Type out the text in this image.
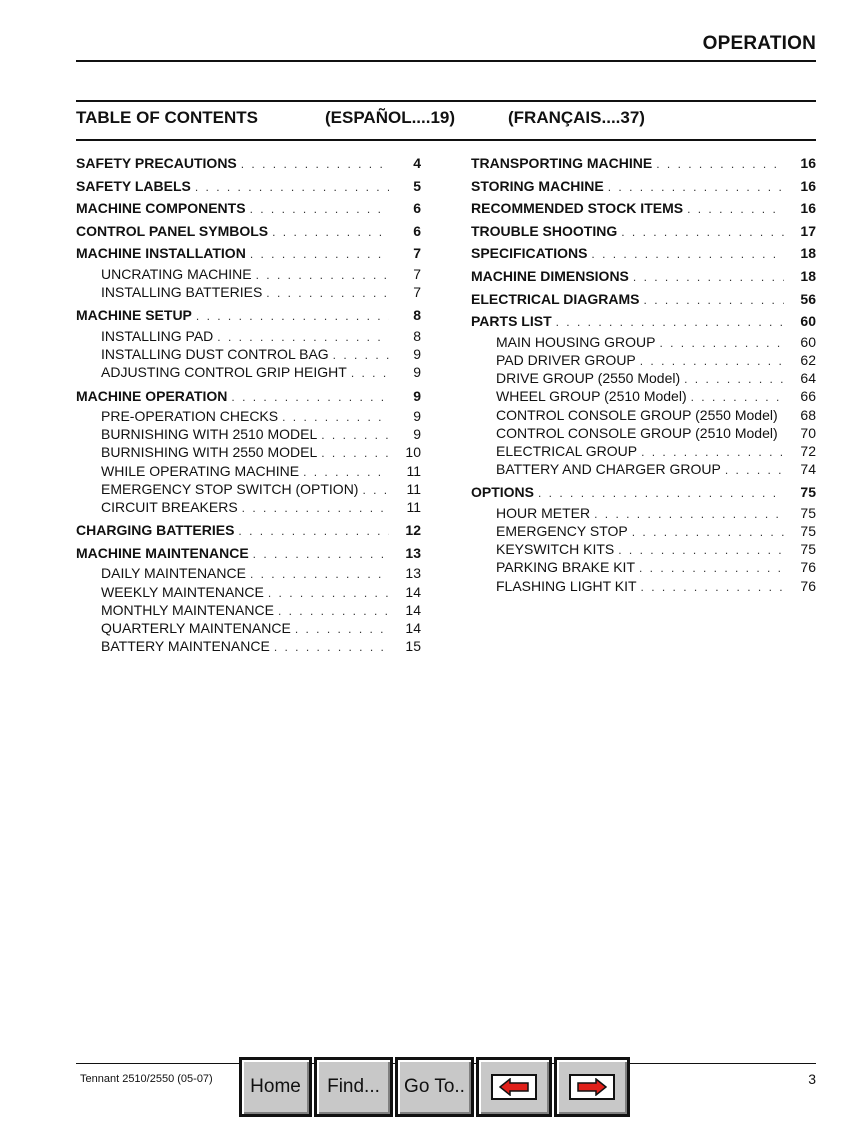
OPERATION
TABLE OF CONTENTS	(ESPAÑOL....19)	(FRANÇAIS....37)
SAFETY PRECAUTIONS . . .	4
SAFETY LABELS . . .	5
MACHINE COMPONENTS . . .	6
CONTROL PANEL SYMBOLS . . .	6
MACHINE INSTALLATION . . .	7
UNCRATING MACHINE . . .	7
INSTALLING BATTERIES . . .	7
MACHINE SETUP . . .	8
INSTALLING PAD . . .	8
INSTALLING DUST CONTROL BAG . . .	9
ADJUSTING CONTROL GRIP HEIGHT . . .	9
MACHINE OPERATION . . .	9
PRE-OPERATION CHECKS . . .	9
BURNISHING WITH 2510 MODEL . . .	9
BURNISHING WITH 2550 MODEL . . .	10
WHILE OPERATING MACHINE . . .	11
EMERGENCY STOP SWITCH (OPTION) . . .	11
CIRCUIT BREAKERS . . .	11
CHARGING BATTERIES . . .	12
MACHINE MAINTENANCE . . .	13
DAILY MAINTENANCE . . .	13
WEEKLY MAINTENANCE . . .	14
MONTHLY MAINTENANCE . . .	14
QUARTERLY MAINTENANCE . . .	14
BATTERY MAINTENANCE . . .	15
TRANSPORTING MACHINE . . .	16
STORING MACHINE . . .	16
RECOMMENDED STOCK ITEMS . . .	16
TROUBLE SHOOTING . . .	17
SPECIFICATIONS . . .	18
MACHINE DIMENSIONS . . .	18
ELECTRICAL DIAGRAMS . . .	56
PARTS LIST . . .	60
MAIN HOUSING GROUP . . .	60
PAD DRIVER GROUP . . .	62
DRIVE GROUP (2550 Model) . . .	64
WHEEL GROUP (2510 Model) . . .	66
CONTROL CONSOLE GROUP (2550 Model)	68
CONTROL CONSOLE GROUP (2510 Model)	70
ELECTRICAL GROUP . . .	72
BATTERY AND CHARGER GROUP . . .	74
OPTIONS . . .	75
HOUR METER . . .	75
EMERGENCY STOP . . .	75
KEYSWITCH KITS . . .	75
PARKING BRAKE KIT . . .	76
FLASHING LIGHT KIT . . .	76
Tennant 2510/2550 (05-07)	3
Home	Find...	Go To..
